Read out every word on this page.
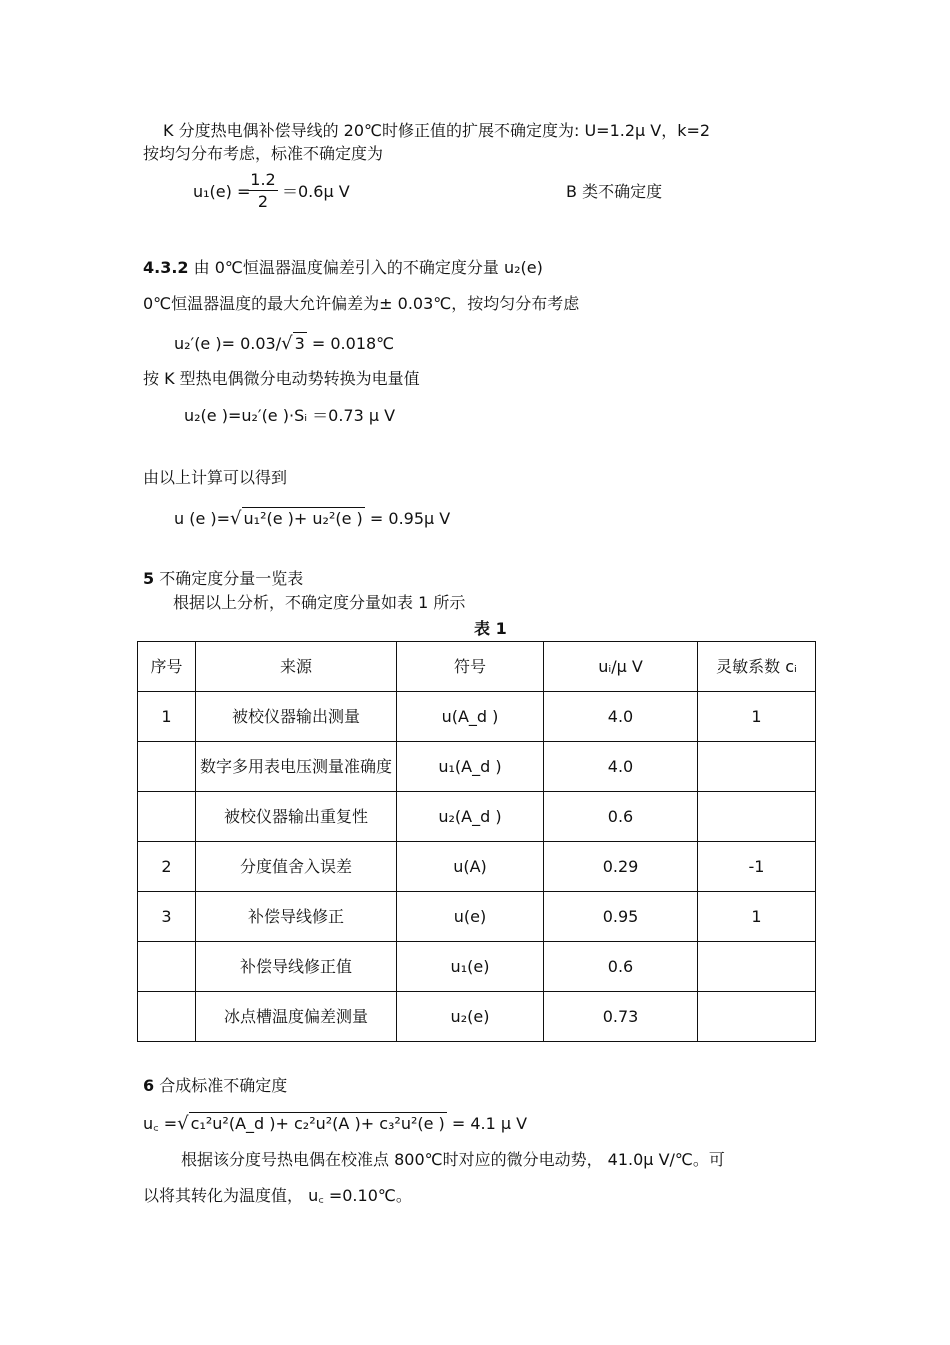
K 分度热电偶补偿导线的 20℃时修正值的扩展不确定度为: U=1.2μ V，k=2
按均匀分布考虑，标准不确定度为
u₁(e) =
$\frac{1.2}{2} =0.6\mu$ V	B 类不确定度
4.3.2 由 0℃恒温器温度偏差引入的不确定度分量 u₂(e)
0℃恒温器温度的最大允许偏差为± 0.03℃，按均匀分布考虑
u₂′(e )= 0.03/√ 3 = 0.018℃
按 K 型热电偶微分电动势转换为电量值
u₂(e )=u₂′(e )·Sᵢ ＝0.73 μ V
由以上计算可以得到
u (e )=√ u₁²(e )+ u₂²(e ) = 0.95μ V
5 不确定度分量一览表
根据以上分析，不确定度分量如表 1 所示
表 1
序号	来源	符号	uᵢ/μ V	灵敏系数 cᵢ
1	被校仪器输出测量	u(A_d )	4.0	1
	数字多用表电压测量准确度	u₁(A_d )	4.0	
	被校仪器输出重复性	u₂(A_d )	0.6	
2	分度值舍入误差	u(A)	0.29	-1
3	补偿导线修正	u(e)	0.95	1
	补偿导线修正值	u₁(e)	0.6	
	冰点槽温度偏差测量	u₂(e)	0.73	
6 合成标准不确定度
u꜀ =√ c₁²u²(A_d )+ c₂²u²(A )+ c₃²u²(e ) = 4.1 μ V
根据该分度号热电偶在校准点 800℃时对应的微分电动势， 41.0μ V/℃。可
以将其转化为温度值， u꜀ =0.10℃。
